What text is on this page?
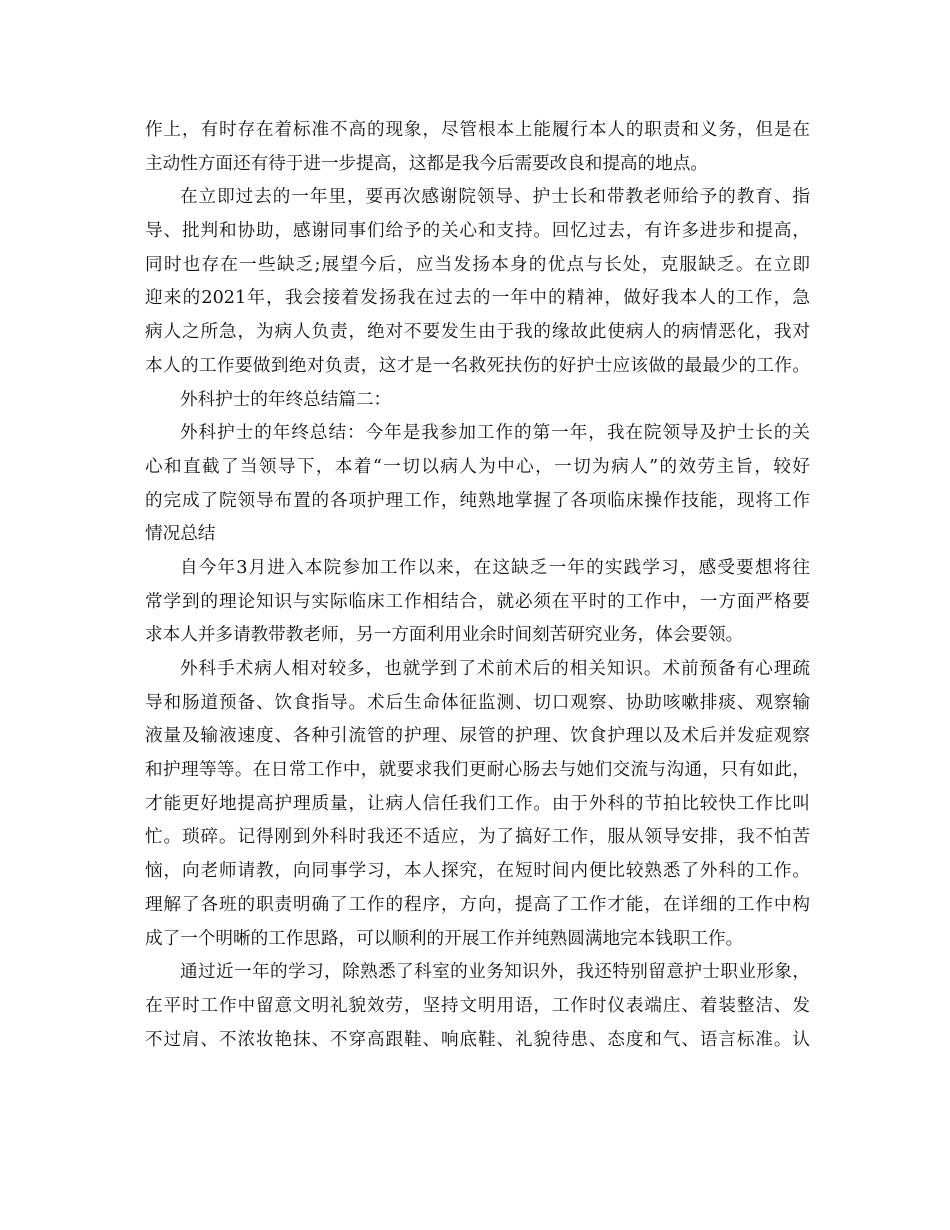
作上，有时存在着标准不高的现象，尽管根本上能履行本人的职责和义务，但是在
主动性方面还有待于进一步提高，这都是我今后需要改良和提高的地点。
在立即过去的一年里，要再次感谢院领导、护士长和带教老师给予的教育、指
导、批判和协助，感谢同事们给予的关心和支持。回忆过去，有许多进步和提高，
同时也存在一些缺乏;展望今后，应当发扬本身的优点与长处，克服缺乏。在立即
迎来的2021年，我会接着发扬我在过去的一年中的精神，做好我本人的工作，急
病人之所急，为病人负责，绝对不要发生由于我的缘故此使病人的病情恶化，我对
本人的工作要做到绝对负责，这才是一名救死扶伤的好护士应该做的最最少的工作。
外科护士的年终总结篇二：
外科护士的年终总结：今年是我参加工作的第一年，我在院领导及护士长的关
心和直截了当领导下，本着“一切以病人为中心，一切为病人”的效劳主旨，较好
的完成了院领导布置的各项护理工作，纯熟地掌握了各项临床操作技能，现将工作
情况总结
自今年3月进入本院参加工作以来，在这缺乏一年的实践学习，感受要想将往
常学到的理论知识与实际临床工作相结合，就必须在平时的工作中，一方面严格要
求本人并多请教带教老师，另一方面利用业余时间刻苦研究业务，体会要领。
外科手术病人相对较多，也就学到了术前术后的相关知识。术前预备有心理疏
导和肠道预备、饮食指导。术后生命体征监测、切口观察、协助咳嗽排痰、观察输
液量及输液速度、各种引流管的护理、尿管的护理、饮食护理以及术后并发症观察
和护理等等。在日常工作中，就要求我们更耐心肠去与她们交流与沟通，只有如此，
才能更好地提高护理质量，让病人信任我们工作。由于外科的节拍比较快工作比叫
忙。琐碎。记得刚到外科时我还不适应，为了搞好工作，服从领导安排，我不怕苦
恼，向老师请教，向同事学习，本人探究，在短时间内便比较熟悉了外科的工作。
理解了各班的职责明确了工作的程序，方向，提高了工作才能，在详细的工作中构
成了一个明晰的工作思路，可以顺利的开展工作并纯熟圆满地完本钱职工作。
通过近一年的学习，除熟悉了科室的业务知识外，我还特别留意护士职业形象，
在平时工作中留意文明礼貌效劳，坚持文明用语，工作时仪表端庄、着装整洁、发
不过肩、不浓妆艳抹、不穿高跟鞋、响底鞋、礼貌待患、态度和气、语言标准。认
